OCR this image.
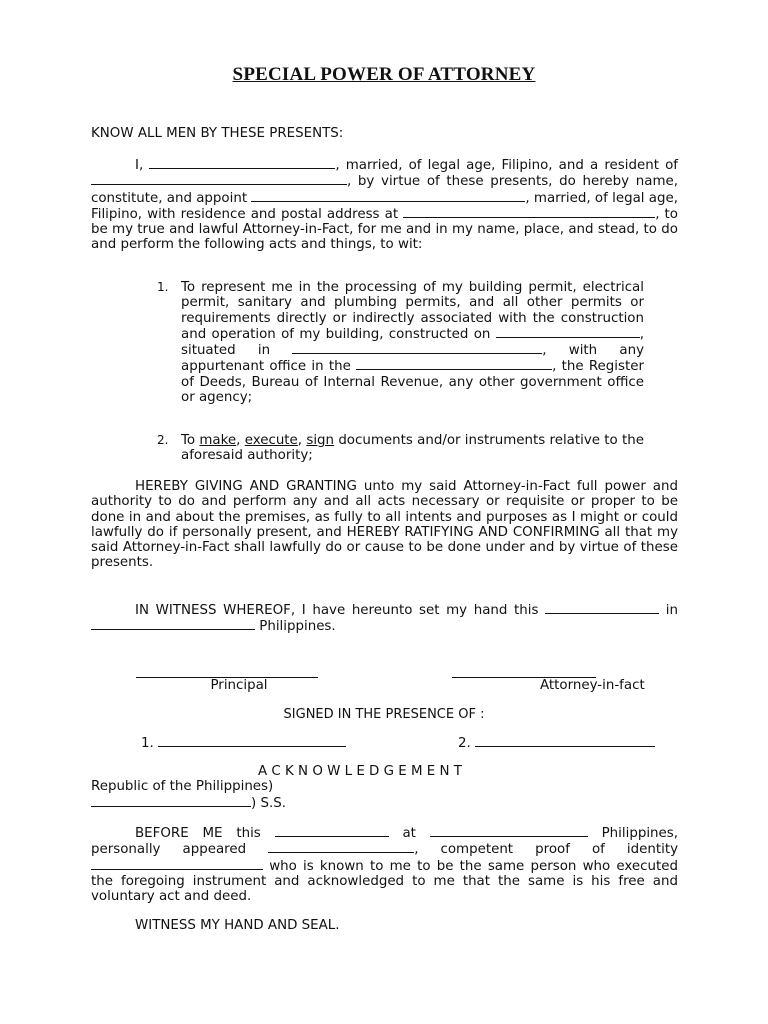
SPECIAL POWER OF ATTORNEY

KNOW ALL MEN BY THESE PRESENTS:

I,	, married, of legal age, Filipino, and a resident of , by virtue of these presents, do hereby name, constitute, and appoint	, married, of legal age, Filipino, with residence and postal address at	, to be my true and lawful Attorney-in-Fact, for me and in my name, place, and stead, to do and perform the following acts and things, to wit:

1. To represent me in the processing of my building permit, electrical permit, sanitary and plumbing permits, and all other permits or requirements directly or indirectly associated with the construction and operation of my building, constructed on	, situated in	, with any appurtenant office in the	, the Register of Deeds, Bureau of Internal Revenue, any other government office or agency;

2. To make, execute, sign documents and/or instruments relative to the    aforesaid authority;

HEREBY GIVING AND GRANTING unto my said Attorney-in-Fact full power and authority to do and perform any and all acts necessary or requisite or proper to be done in and about the premises, as fully to all intents and purposes as I might or could lawfully do if personally present, and HEREBY RATIFYING AND CONFIRMING all that my said Attorney-in-Fact shall lawfully do or cause to be done under and by virtue of these presents.

IN WITNESS WHEREOF, I have hereunto set my hand this	in  Philippines.

Principal	Attorney-in-fact
SIGNED IN THE PRESENCE OF :
1.	2.
A C K N O W L E D G E M E N T
Republic of the Philippines)
) S.S.

BEFORE ME this	at	Philippines, personally appeared	, competent proof of identity  who is known to me to be the same person who executed the foregoing instrument and acknowledged to me that the same is his free and voluntary act and deed.

WITNESS MY HAND AND SEAL.
